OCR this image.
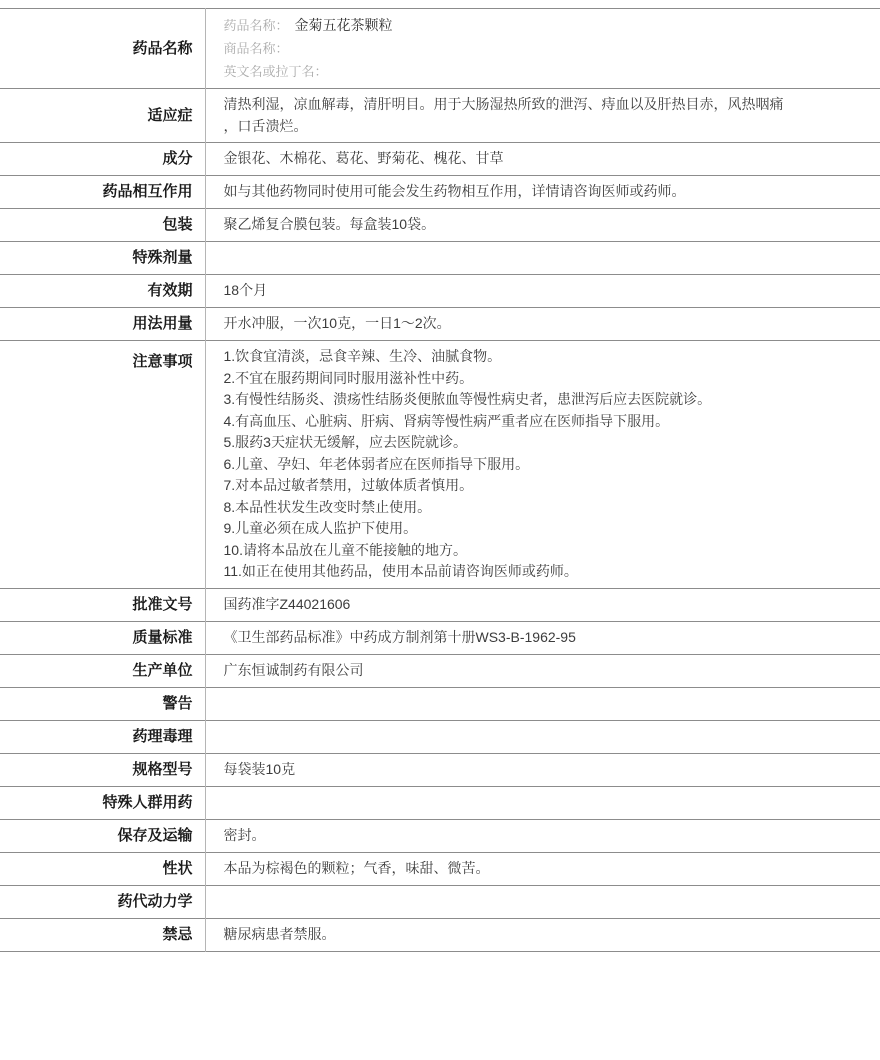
药品名称	药品名称： 金菊五花茶颗粒
商品名称：
英文名或拉丁名：

适应症	清热利湿，凉血解毒，清肝明目。用于大肠湿热所致的泄泻、痔血以及肝热目赤，风热咽痛
，口舌溃烂。

成分	金银花、木棉花、葛花、野菊花、槐花、甘草

药品相互作用	如与其他药物同时使用可能会发生药物相互作用，详情请咨询医师或药师。

包装	聚乙烯复合膜包装。每盒装10袋。

特殊剂量	
有效期	18个月

用法用量	开水冲服，一次10克，一日1～2次。

注意事项	1.饮食宜清淡，忌食辛辣、生冷、油腻食物。
2.不宜在服药期间同时服用滋补性中药。
3.有慢性结肠炎、溃疡性结肠炎便脓血等慢性病史者，患泄泻后应去医院就诊。
4.有高血压、心脏病、肝病、肾病等慢性病严重者应在医师指导下服用。
5.服药3天症状无缓解，应去医院就诊。
6.儿童、孕妇、年老体弱者应在医师指导下服用。
7.对本品过敏者禁用，过敏体质者慎用。
8.本品性状发生改变时禁止使用。
9.儿童必须在成人监护下使用。
10.请将本品放在儿童不能接触的地方。
11.如正在使用其他药品，使用本品前请咨询医师或药师。

批准文号	国药准字Z44021606

质量标准	《卫生部药品标准》中药成方制剂第十册WS3-B-1962-95

生产单位	广东恒诚制药有限公司

警告	
药理毒理	
规格型号	每袋装10克

特殊人群用药	
保存及运输	密封。

性状	本品为棕褐色的颗粒；气香，味甜、微苦。

药代动力学	
禁忌	糖尿病患者禁服。
